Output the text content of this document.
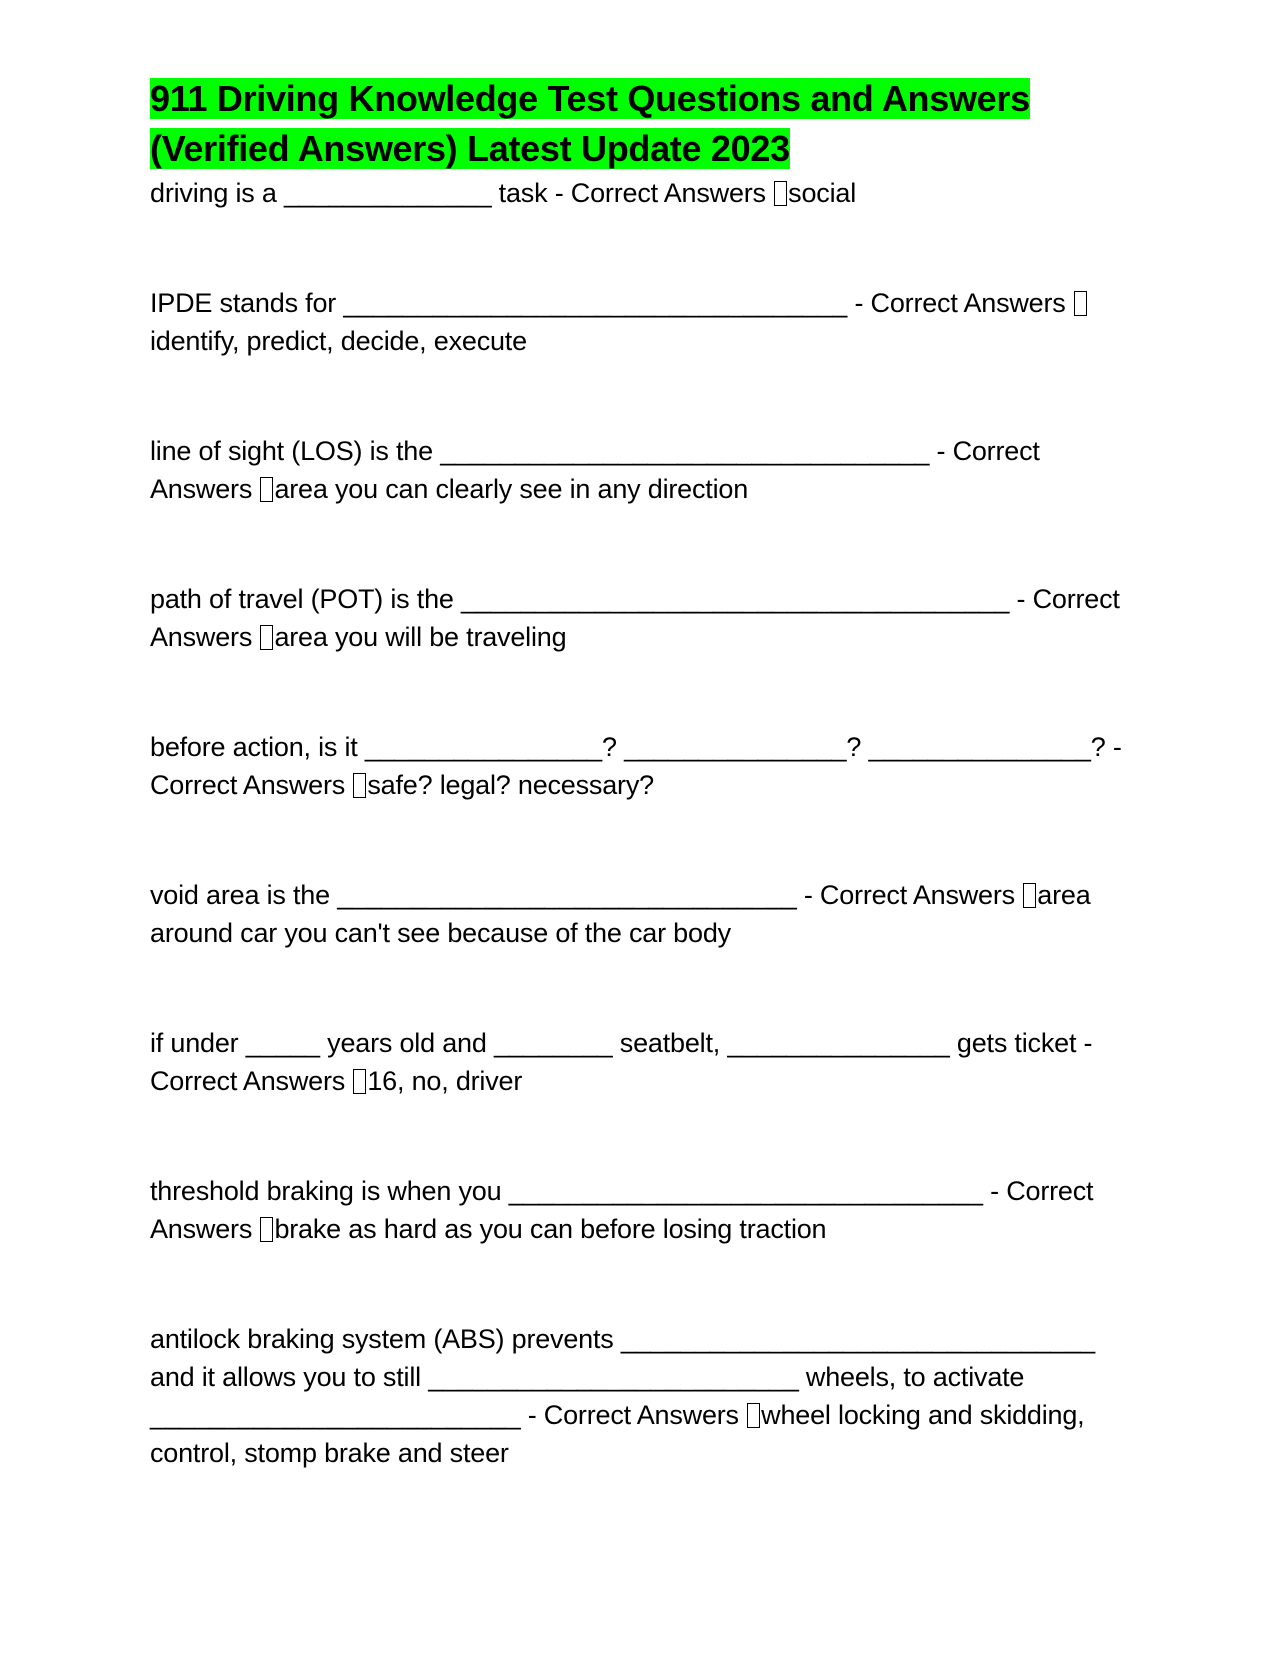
911 Driving Knowledge Test Questions and Answers
(Verified Answers) Latest Update 2023

driving is a ______________ task - Correct Answers social

IPDE stands for __________________________________ - Correct Answers identify, predict, decide, execute

line of sight (LOS) is the _________________________________ - Correct Answers area you can clearly see in any direction

path of travel (POT) is the _____________________________________ - Correct Answers area you will be traveling

before action, is it ________________? _______________? _______________? - Correct Answers safe? legal? necessary?

void area is the _______________________________ - Correct Answers area around car you can't see because of the car body

if under _____ years old and ________ seatbelt, _______________ gets ticket - Correct Answers 16, no, driver

threshold braking is when you ________________________________ - Correct Answers brake as hard as you can before losing traction

antilock braking system (ABS) prevents ________________________________ and it allows you to still _________________________ wheels, to activate _________________________ - Correct Answers wheel locking and skidding, control, stomp brake and steer
